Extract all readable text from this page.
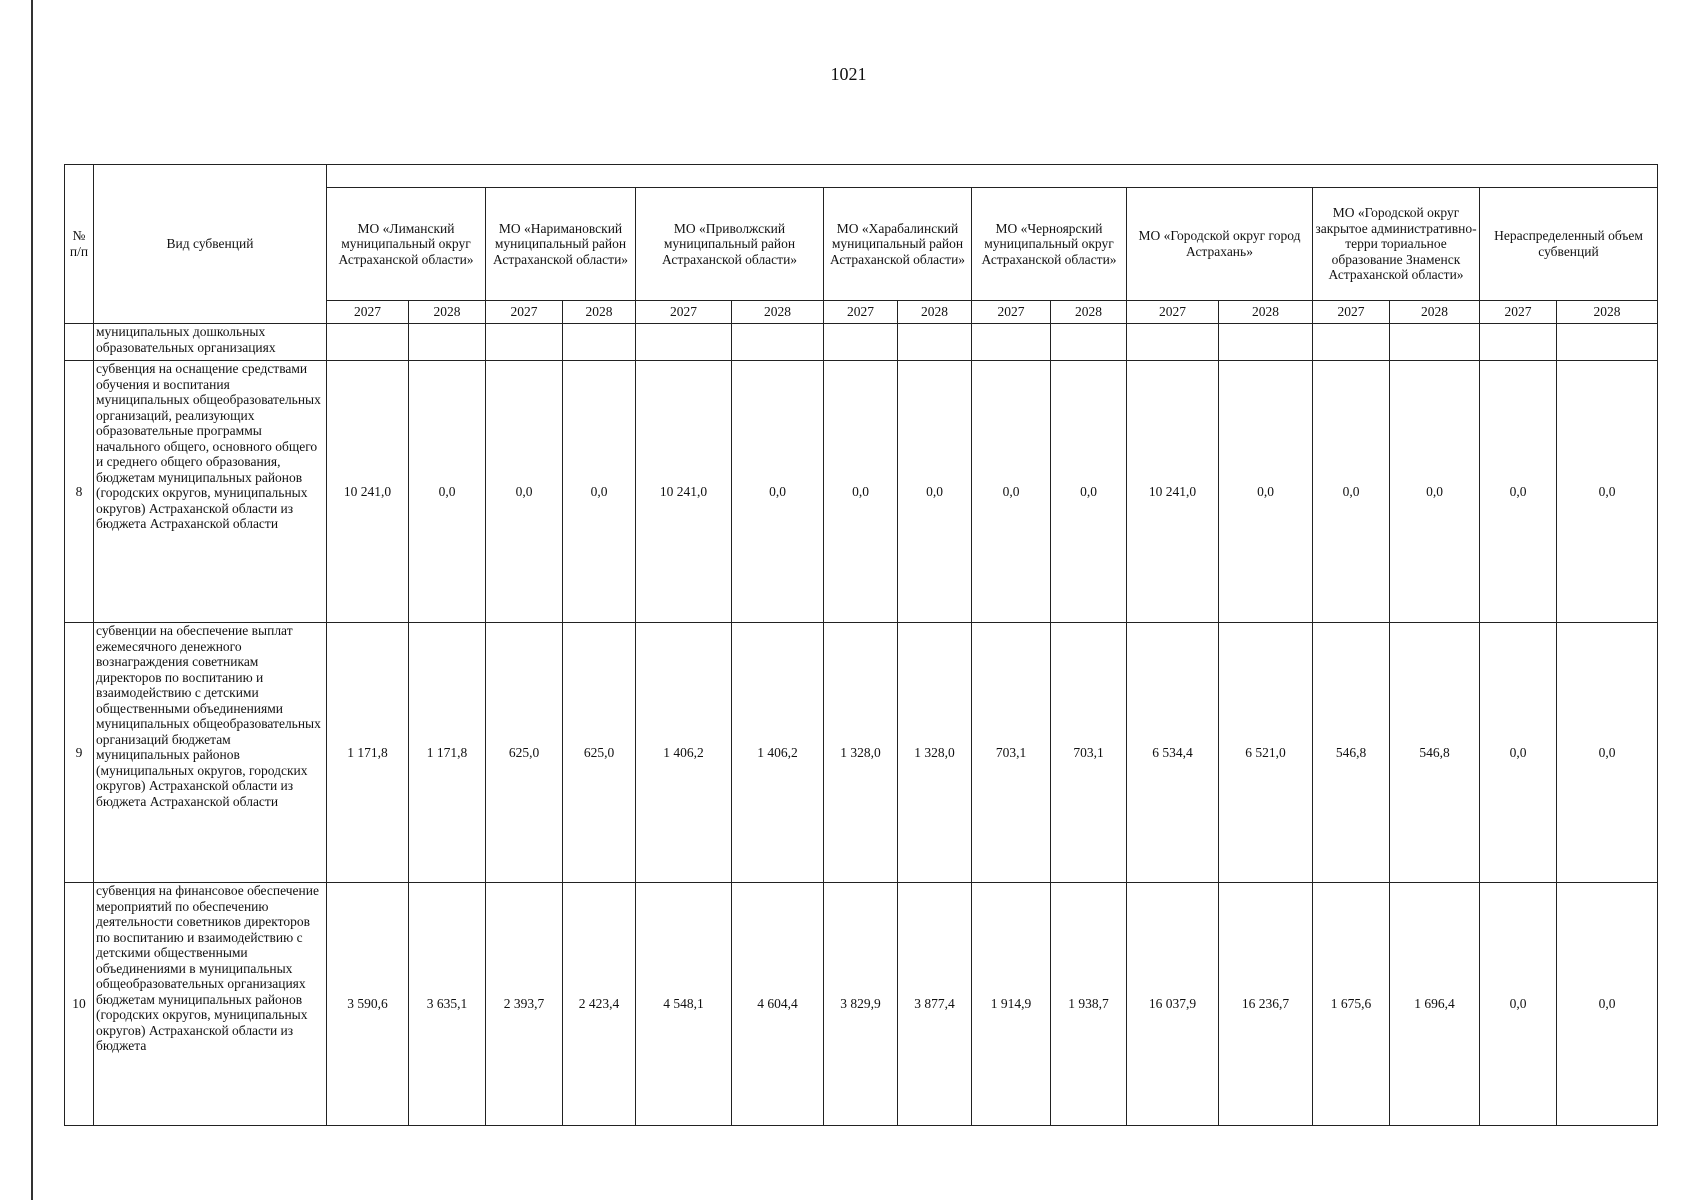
1021
№ п/п	Вид субвенций																
		МО «Лиманский муниципальный округ Астраханской области»		МО «Наримановский муниципальный район Астраханской области»		МО «Приволжский муниципальный район Астраханской области»		МО «Харабалинский муниципальный район Астраханской области»		МО «Черноярский муниципальный округ Астраханской области»		МО «Городской округ город Астрахань»		МО «Городской округ закрытое административно-терри ториальное образование Знаменск Астраханской области»		Нераспределенный объем субвенций	
		2027	2028	2027	2028	2027	2028	2027	2028	2027	2028	2027	2028	2027	2028	2027	2028
	муниципальных дошкольных образовательных организациях																
8	субвенция на оснащение средствами обучения и воспитания муниципальных общеобразовательных организаций, реализующих образовательные программы начального общего, основного общего и среднего общего образования, бюджетам муниципальных районов (городских округов, муниципальных округов) Астраханской области из бюджета Астраханской области	10 241,0	0,0	0,0	0,0	10 241,0	0,0	0,0	0,0	0,0	0,0	10 241,0	0,0	0,0	0,0	0,0	0,0
9	субвенции на обеспечение выплат ежемесячного денежного вознаграждения советникам директоров по воспитанию и взаимодействию с детскими общественными объединениями муниципальных общеобразовательных организаций бюджетам муниципальных районов (муниципальных округов, городских округов) Астраханской области из бюджета Астраханской области	1 171,8	1 171,8	625,0	625,0	1 406,2	1 406,2	1 328,0	1 328,0	703,1	703,1	6 534,4	6 521,0	546,8	546,8	0,0	0,0
10	субвенция на финансовое обеспечение мероприятий по обеспечению деятельности советников директоров по воспитанию и взаимодействию с детскими общественными объединениями в муниципальных общеобразовательных организациях бюджетам муниципальных районов (городских округов, муниципальных округов) Астраханской области из бюджета	3 590,6	3 635,1	2 393,7	2 423,4	4 548,1	4 604,4	3 829,9	3 877,4	1 914,9	1 938,7	16 037,9	16 236,7	1 675,6	1 696,4	0,0	0,0
